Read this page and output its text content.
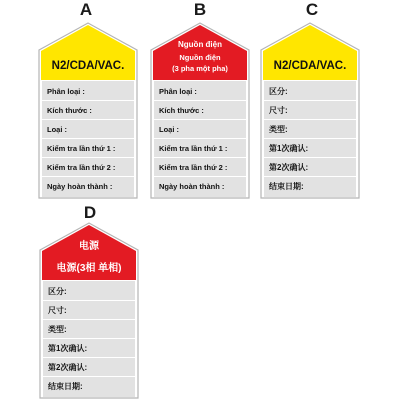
A	B	C
D
N2/CDA/VAC.
Phân loại :
Kích thước :
Loại :
Kiểm tra lần thứ 1 :
Kiểm tra lần thứ 2 :
Ngày hoàn thành :
Nguồn điện
Nguồn điện
(3 pha một pha)
Phân loại :
Kích thước :
Loại :
Kiểm tra lần thứ 1 :
Kiểm tra lần thứ 2 :
Ngày hoàn thành :
N2/CDA/VAC.
区分:
尺寸:
类型:
第1次确认:
第2次确认:
结束日期:
电源
电源(3相 单相)
区分:
尺寸:
类型:
第1次确认:
第2次确认:
结束日期:
